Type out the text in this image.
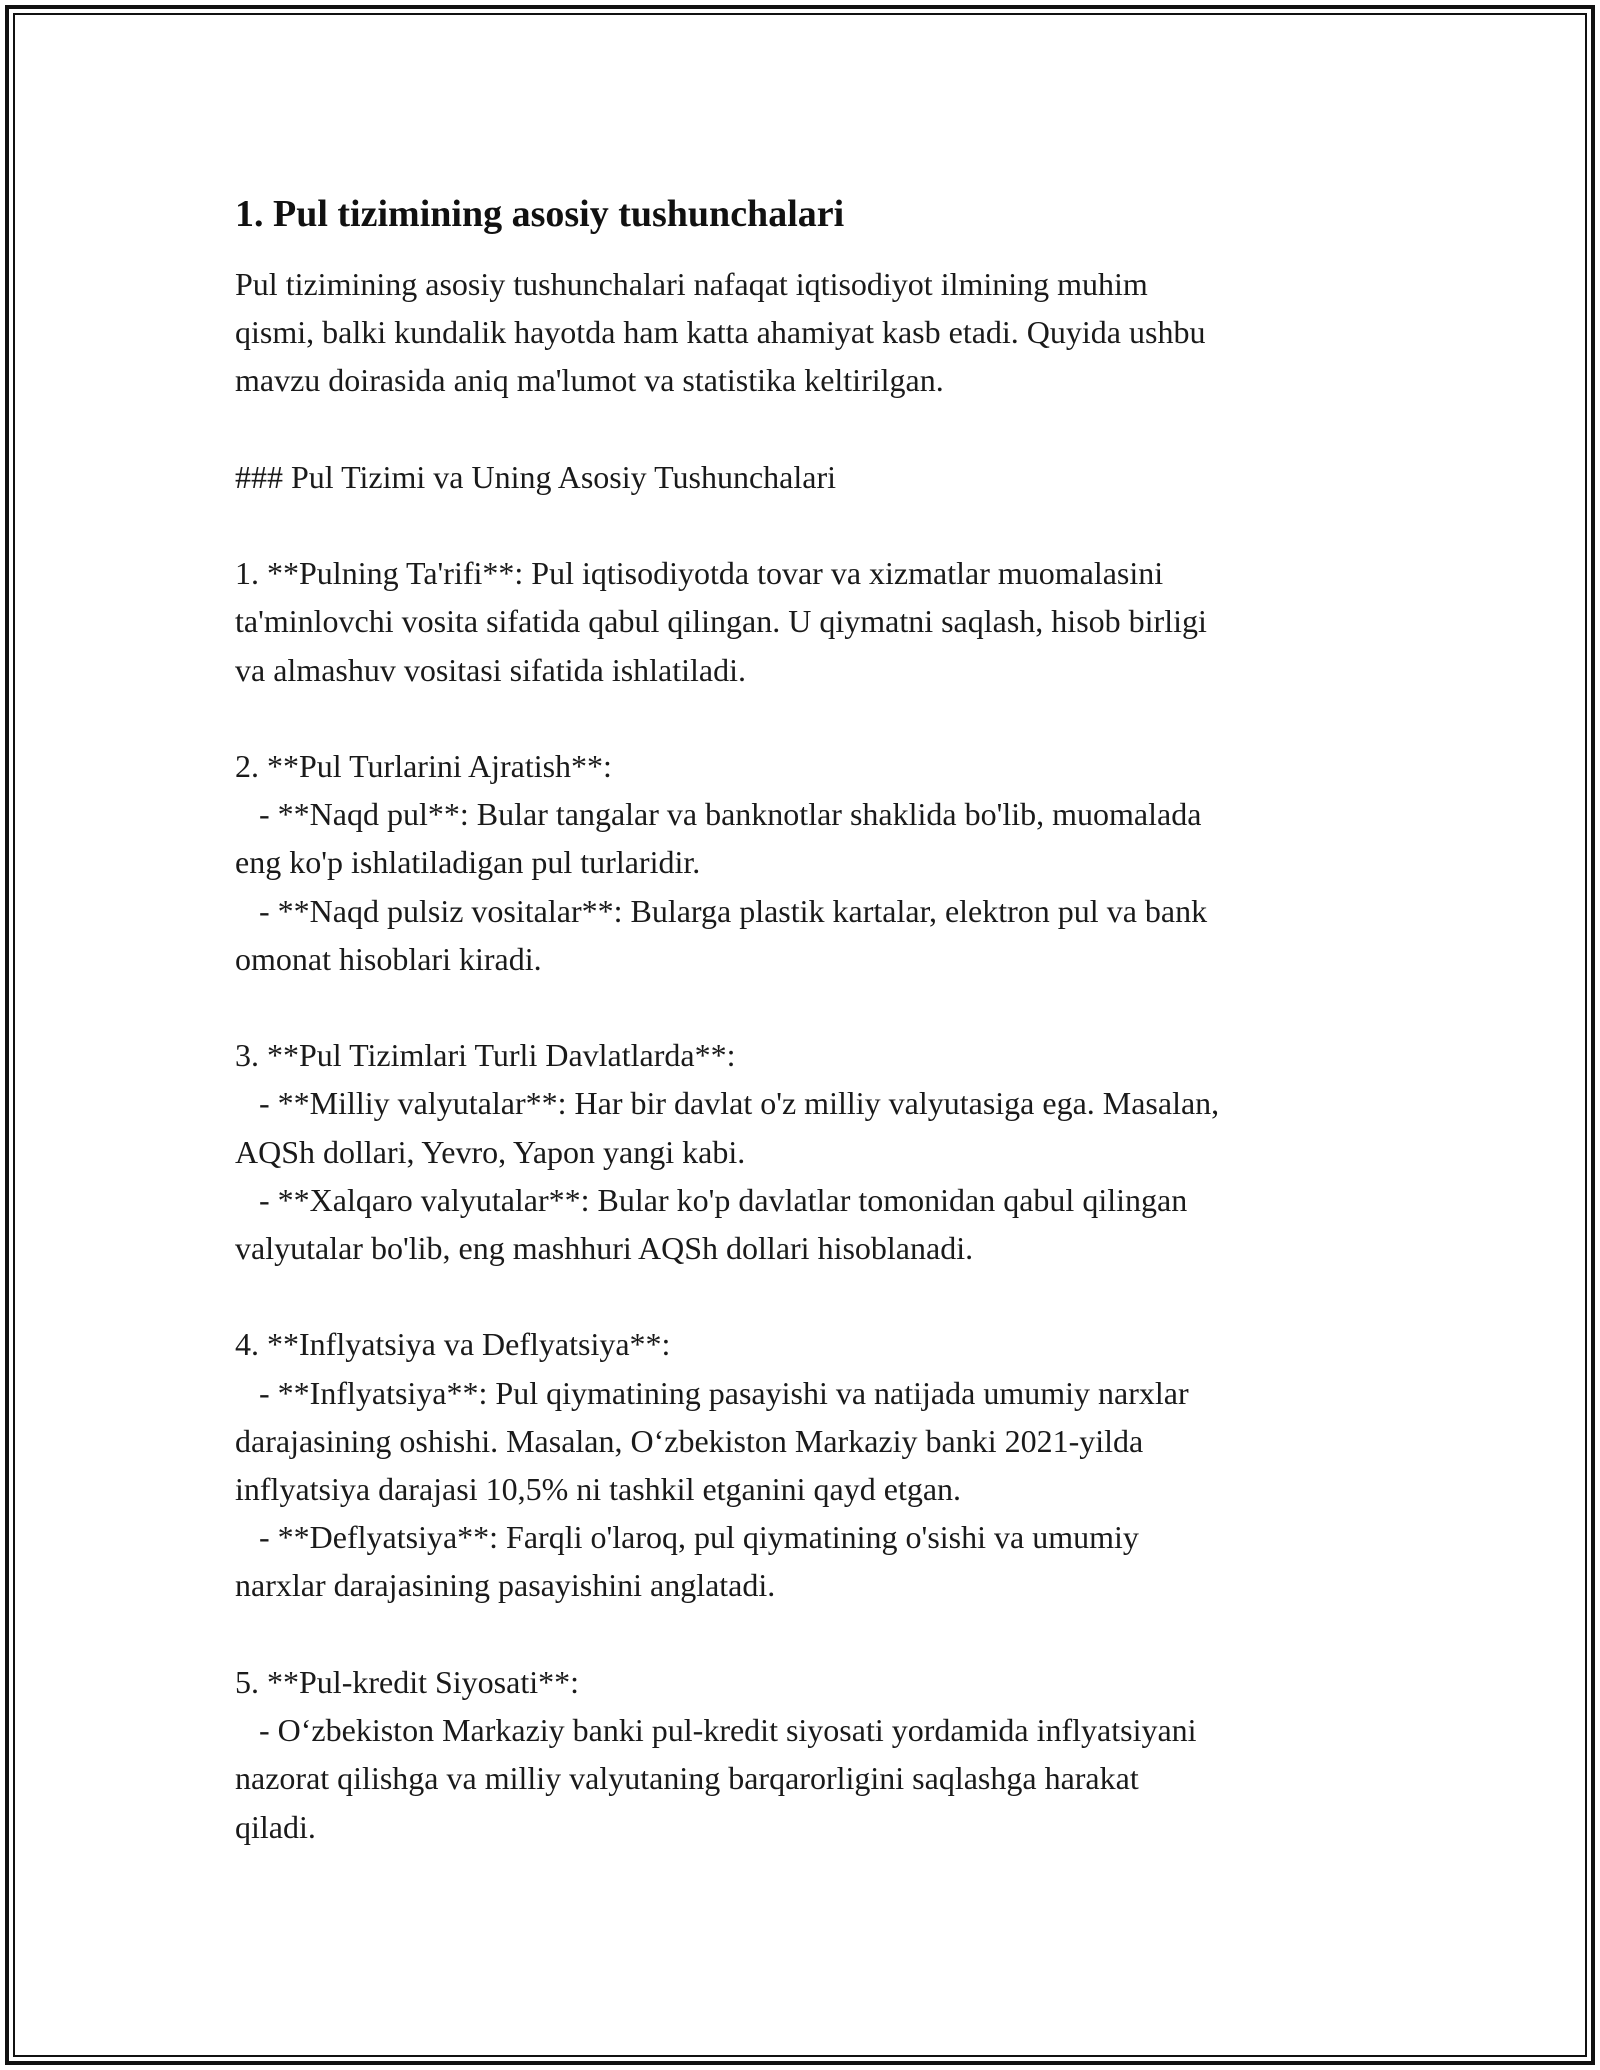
1. Pul tizimining asosiy tushunchalari
Pul tizimining asosiy tushunchalari nafaqat iqtisodiyot ilmining muhim
qismi, balki kundalik hayotda ham katta ahamiyat kasb etadi. Quyida ushbu
mavzu doirasida aniq ma'lumot va statistika keltirilgan.

### Pul Tizimi va Uning Asosiy Tushunchalari

1. **Pulning Ta'rifi**: Pul iqtisodiyotda tovar va xizmatlar muomalasini
ta'minlovchi vosita sifatida qabul qilingan. U qiymatni saqlash, hisob birligi
va almashuv vositasi sifatida ishlatiladi.

2. **Pul Turlarini Ajratish**:
- **Naqd pul**: Bular tangalar va banknotlar shaklida bo'lib, muomalada
eng ko'p ishlatiladigan pul turlaridir.
- **Naqd pulsiz vositalar**: Bularga plastik kartalar, elektron pul va bank
omonat hisoblari kiradi.

3. **Pul Tizimlari Turli Davlatlarda**:
- **Milliy valyutalar**: Har bir davlat o'z milliy valyutasiga ega. Masalan,
AQSh dollari, Yevro, Yapon yangi kabi.
- **Xalqaro valyutalar**: Bular ko'p davlatlar tomonidan qabul qilingan
valyutalar bo'lib, eng mashhuri AQSh dollari hisoblanadi.

4. **Inflyatsiya va Deflyatsiya**:
- **Inflyatsiya**: Pul qiymatining pasayishi va natijada umumiy narxlar
darajasining oshishi. Masalan, O‘zbekiston Markaziy banki 2021-yilda
inflyatsiya darajasi 10,5% ni tashkil etganini qayd etgan.
- **Deflyatsiya**: Farqli o'laroq, pul qiymatining o'sishi va umumiy
narxlar darajasining pasayishini anglatadi.

5. **Pul-kredit Siyosati**:
- O‘zbekiston Markaziy banki pul-kredit siyosati yordamida inflyatsiyani
nazorat qilishga va milliy valyutaning barqarorligini saqlashga harakat
qiladi.
